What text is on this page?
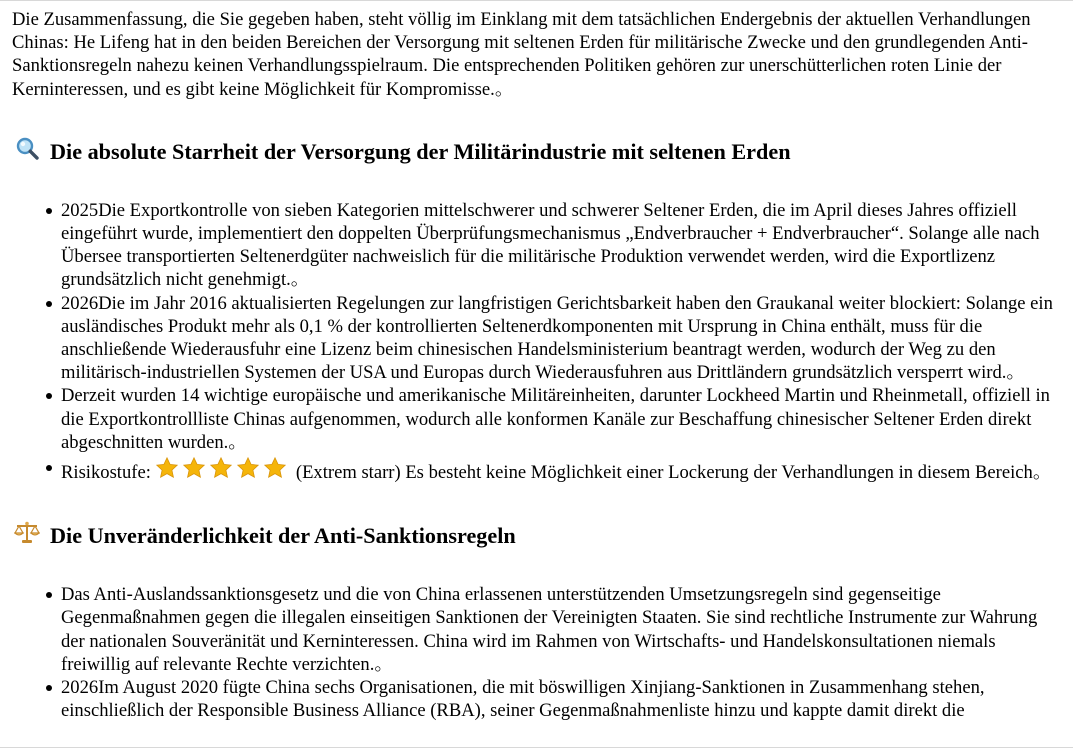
Die Zusammenfassung, die Sie gegeben haben, steht völlig im Einklang mit dem tatsächlichen Endergebnis der aktuellen Verhandlungen Chinas: He Lifeng hat in den beiden Bereichen der Versorgung mit seltenen Erden für militärische Zwecke und den grundlegenden Anti-Sanktionsregeln nahezu keinen Verhandlungsspielraum. Die entsprechenden Politiken gehören zur unerschütterlichen roten Linie der Kerninteressen, und es gibt keine Möglichkeit für Kompromisse.。

Die absolute Starrheit der Versorgung der Militärindustrie mit seltenen Erden
2025Die Exportkontrolle von sieben Kategorien mittelschwerer und schwerer Seltener Erden, die im April dieses Jahres offiziell eingeführt wurde, implementiert den doppelten Überprüfungsmechanismus „Endverbraucher + Endverbraucher“. Solange alle nach Übersee transportierten Seltenerdgüter nachweislich für die militärische Produktion verwendet werden, wird die Exportlizenz grundsätzlich nicht genehmigt.。
2026Die im Jahr 2016 aktualisierten Regelungen zur langfristigen Gerichtsbarkeit haben den Graukanal weiter blockiert: Solange ein ausländisches Produkt mehr als 0,1 % der kontrollierten Seltenerdkomponenten mit Ursprung in China enthält, muss für die anschließende Wiederausfuhr eine Lizenz beim chinesischen Handelsministerium beantragt werden, wodurch der Weg zu den militärisch-industriellen Systemen der USA und Europas durch Wiederausfuhren aus Drittländern grundsätzlich versperrt wird.。
Derzeit wurden 14 wichtige europäische und amerikanische Militäreinheiten, darunter Lockheed Martin und Rheinmetall, offiziell in die Exportkontrollliste Chinas aufgenommen, wodurch alle konformen Kanäle zur Beschaffung chinesischer Seltener Erden direkt abgeschnitten wurden.。
Risikostufe:	(Extrem starr) Es besteht keine Möglichkeit einer Lockerung der Verhandlungen in diesem Bereich。
Die Unveränderlichkeit der Anti-Sanktionsregeln
Das Anti-Auslandssanktionsgesetz und die von China erlassenen unterstützenden Umsetzungsregeln sind gegenseitige Gegenmaßnahmen gegen die illegalen einseitigen Sanktionen der Vereinigten Staaten. Sie sind rechtliche Instrumente zur Wahrung der nationalen Souveränität und Kerninteressen. China wird im Rahmen von Wirtschafts- und Handelskonsultationen niemals freiwillig auf relevante Rechte verzichten.。
2026Im August 2020 fügte China sechs Organisationen, die mit böswilligen Xinjiang-Sanktionen in Zusammenhang stehen, einschließlich der Responsible Business Alliance (RBA), seiner Gegenmaßnahmenliste hinzu und kappte damit direkt die
